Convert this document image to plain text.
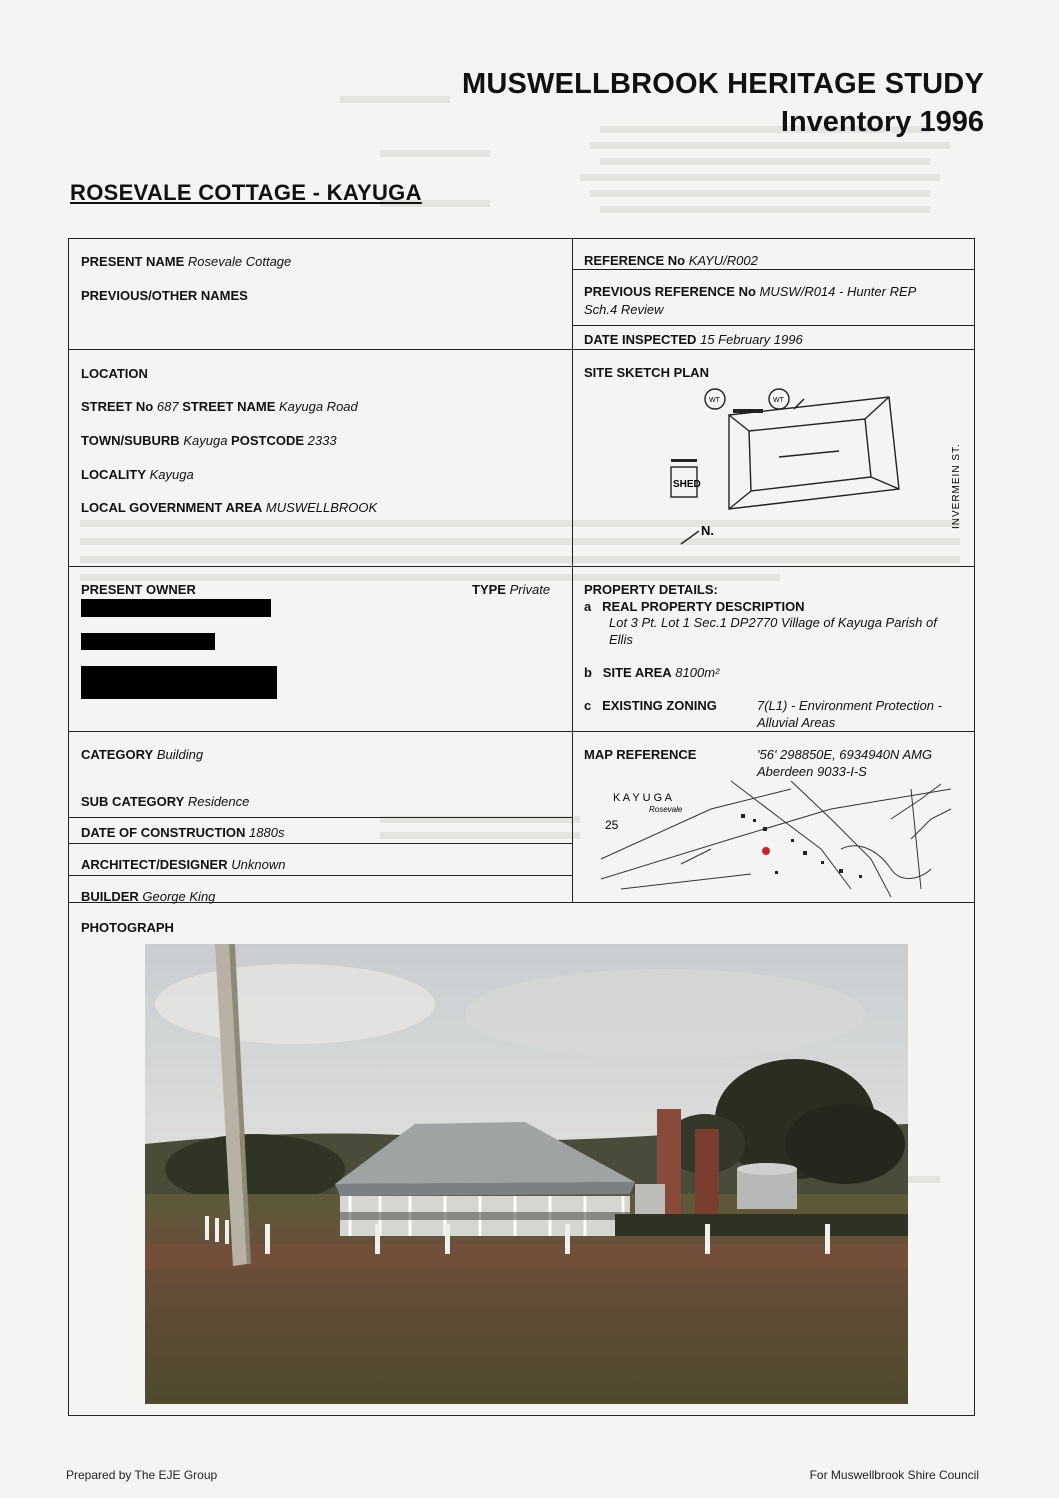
MUSWELLBROOK HERITAGE STUDY
Inventory 1996
ROSEVALE COTTAGE - KAYUGA
PRESENT NAME Rosevale Cottage
PREVIOUS/OTHER NAMES
REFERENCE No KAYU/R002
PREVIOUS REFERENCE No MUSW/R014 - Hunter REP
Sch.4 Review
DATE INSPECTED 15 February 1996
LOCATION
STREET No 687 STREET NAME Kayuga Road
TOWN/SUBURB Kayuga POSTCODE 2333
LOCALITY Kayuga
LOCAL GOVERNMENT AREA MUSWELLBROOK
SITE SKETCH PLAN
SHED
N.
WT	WT
INVERMEIN ST.
PRESENT OWNER	TYPE Private	PROPERTY DETAILS:
a REAL PROPERTY DESCRIPTION
Lot 3 Pt. Lot 1 Sec.1 DP2770 Village of Kayuga Parish of
Ellis
b SITE AREA 8100m²
c EXISTING ZONING	7(L1) - Environment Protection -
Alluvial Areas
CATEGORY Building
SUB CATEGORY Residence
DATE OF CONSTRUCTION 1880s
ARCHITECT/DESIGNER Unknown
BUILDER George King
MAP REFERENCE	'56' 298850E, 6934940N AMG
Aberdeen 9033-I-S
K A Y U G A
Rosevale
25
PHOTOGRAPH
Prepared by The EJE Group	For Muswellbrook Shire Council
